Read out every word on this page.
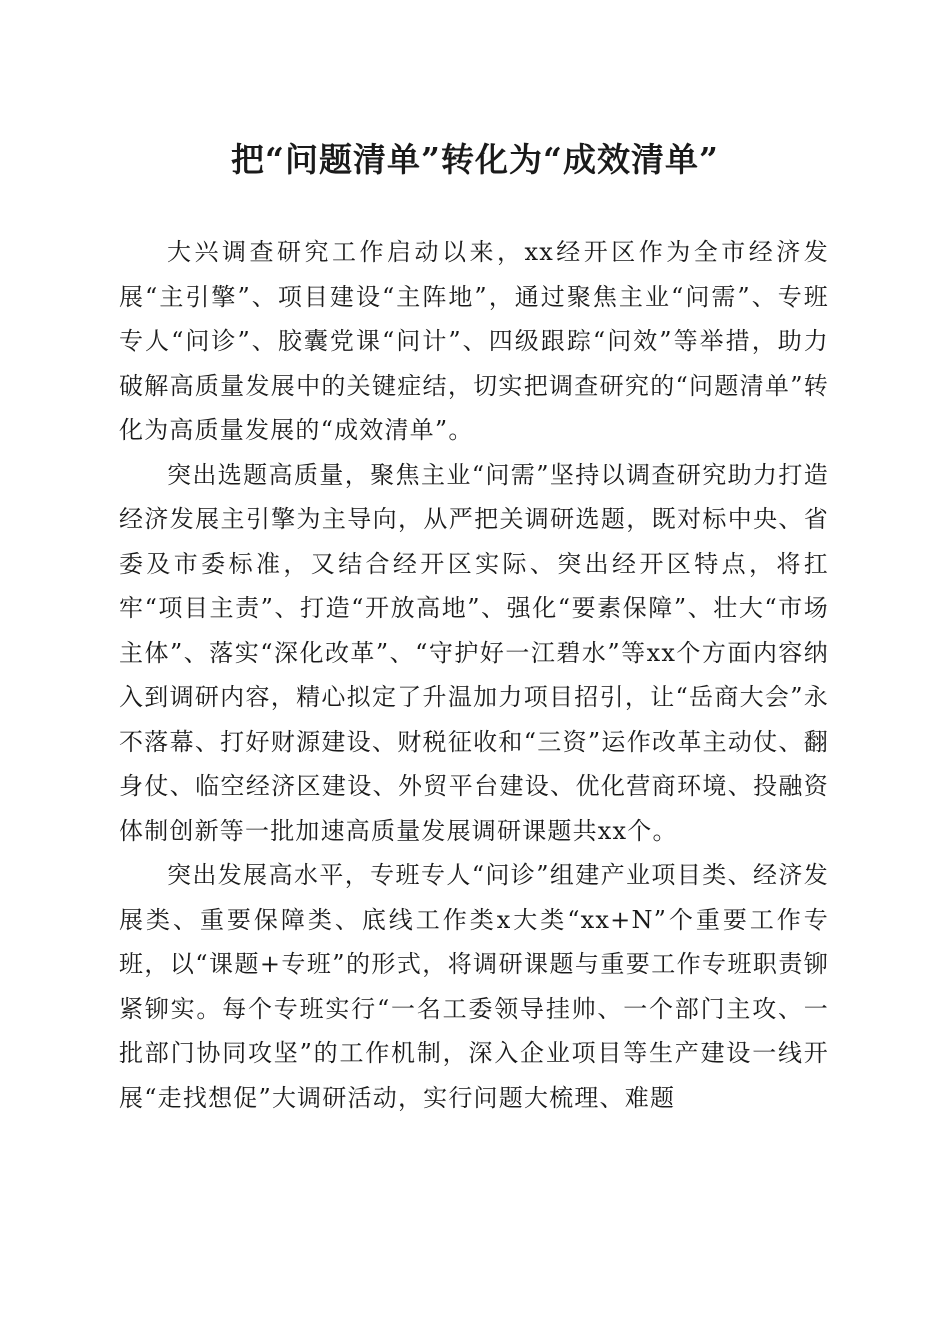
把“问题清单”转化为“成效清单”

大兴调查研究工作启动以来，xx经开区作为全市经济发展“主引擎”、项目建设“主阵地”，通过聚焦主业“问需”、专班专人“问诊”、胶囊党课“问计”、四级跟踪“问效”等举措，助力破解高质量发展中的关键症结，切实把调查研究的“问题清单”转化为高质量发展的“成效清单”。

突出选题高质量，聚焦主业“问需”坚持以调查研究助力打造经济发展主引擎为主导向，从严把关调研选题，既对标中央、省委及市委标准，又结合经开区实际、突出经开区特点，将扛牢“项目主责”、打造“开放高地”、强化“要素保障”、壮大“市场主体”、落实“深化改革”、“守护好一江碧水”等xx个方面内容纳入到调研内容，精心拟定了升温加力项目招引，让“岳商大会”永不落幕、打好财源建设、财税征收和“三资”运作改革主动仗、翻身仗、临空经济区建设、外贸平台建设、优化营商环境、投融资体制创新等一批加速高质量发展调研课题共xx个。

突出发展高水平，专班专人“问诊”组建产业项目类、经济发展类、重要保障类、底线工作类x大类“xx+N”个重要工作专班，以“课题+专班”的形式，将调研课题与重要工作专班职责铆紧铆实。每个专班实行“一名工委领导挂帅、一个部门主攻、一批部门协同攻坚”的工作机制，深入企业项目等生产建设一线开展“走找想促”大调研活动，实行问题大梳理、难题
